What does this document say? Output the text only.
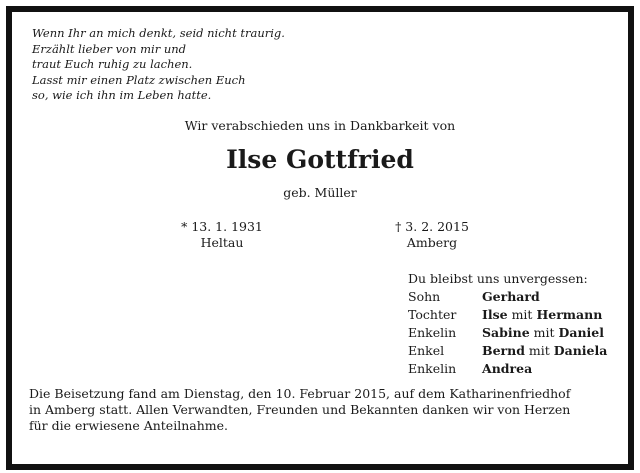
Wenn Ihr an mich denkt, seid nicht traurig.
Erzählt lieber von mir und
traut Euch ruhig zu lachen.
Lasst mir einen Platz zwischen Euch
so, wie ich ihn im Leben hatte.
Wir verabschieden uns in Dankbarkeit von
Ilse Gottfried
geb. Müller
* 13. 1. 1931
Heltau
† 3. 2. 2015
Amberg
Du bleibst uns unvergessen:
Sohn	Gerhard
Tochter	Ilse mit Hermann
Enkelin	Sabine mit Daniel
Enkel	Bernd mit Daniela
Enkelin	Andrea
Die Beisetzung fand am Dienstag, den 10. Februar 2015, auf dem Katharinenfriedhof
in Amberg statt. Allen Verwandten, Freunden und Bekannten danken wir von Herzen
für die erwiesene Anteilnahme.
